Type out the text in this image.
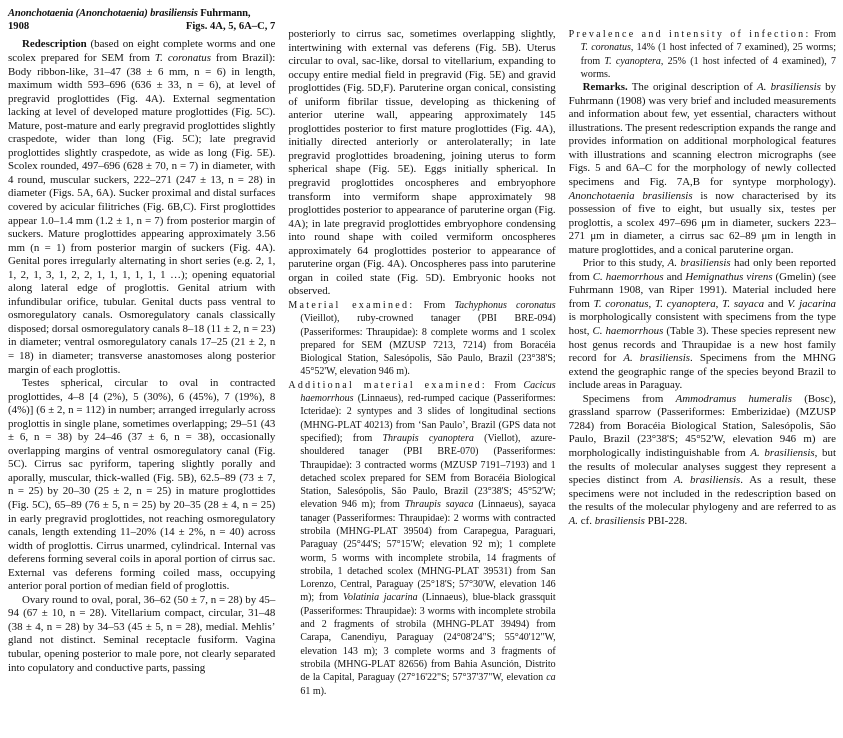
Anonchotaenia (Anonchotaenia) brasiliensis Fuhrmann,
1908	Figs. 4A, 5, 6A–C, 7

Redescription (based on eight complete worms and one scolex prepared for SEM from T. coronatus from Brazil): Body ribbon-like, 31–47 (38 ± 6 mm, n = 6) in length, maximum width 593–696 (636 ± 33, n = 6), at level of pregravid proglottides (Fig. 4A). External segmentation lacking at level of developed mature proglottides (Fig. 5C). Mature, post-mature and early pregravid proglottides slightly craspedote, wider than long (Fig. 5C); late pregravid proglottides slightly craspedote, as wide as long (Fig. 5E). Scolex rounded, 497–696 (628 ± 70, n = 7) in diameter, with 4 round, muscular suckers, 222–271 (247 ± 13, n = 28) in diameter (Figs. 5A, 6A). Sucker proximal and distal surfaces covered by acicular filitriches (Fig. 6B,C). First proglottides appear 1.0–1.4 mm (1.2 ± 1, n = 7) from posterior margin of suckers. Mature proglottides appearing approximately 3.56 mm (n = 1) from posterior margin of suckers (Fig. 4A). Genital pores irregularly alternating in short series (e.g. 2, 1, 1, 2, 1, 3, 1, 2, 2, 1, 1, 1, 1, 1, 1 …); opening equatorial along lateral edge of proglottis. Genital atrium with infundibular orifice, tubular. Genital ducts pass ventral to osmoregulatory canals. Osmoregulatory canals classically disposed; dorsal osmoregulatory canals 8–18 (11 ± 2, n = 23) in diameter; ventral osmoregulatory canals 17–25 (21 ± 2, n = 18) in diameter; transverse anastomoses along posterior margin of each proglottis.

Testes spherical, circular to oval in contracted proglottides, 4–8 [4 (2%), 5 (30%), 6 (45%), 7 (19%), 8 (4%)] (6 ± 2, n = 112) in number; arranged irregularly across proglottis in single plane, sometimes overlapping; 29–51 (43 ± 6, n = 38) by 24–46 (37 ± 6, n = 38), occasionally overlapping margins of ventral osmoregulatory canal (Fig. 5C). Cirrus sac pyriform, tapering slightly porally and aporally, muscular, thick-walled (Fig. 5B), 62.5–89 (73 ± 7, n = 25) by 20–30 (25 ± 2, n = 25) in mature proglottides (Fig. 5C), 65–89 (76 ± 5, n = 25) by 20–35 (28 ± 4, n = 25) in early pregravid proglottides, not reaching osmoregulatory canals, length extending 11–20% (14 ± 2%, n = 40) across width of proglottis. Cirrus unarmed, cylindrical. Internal vas deferens forming several coils in aporal portion of cirrus sac. External vas deferens forming coiled mass, occupying anterior poral portion of median field of proglottis.

Ovary round to oval, poral, 36–62 (50 ± 7, n = 28) by 45–94 (67 ± 10, n = 28). Vitellarium compact, circular, 31–48 (38 ± 4, n = 28) by 34–53 (45 ± 5, n = 28), medial. Mehlis’ gland not distinct. Seminal receptacle fusiform. Vagina tubular, opening posterior to male pore, not clearly separated into copulatory and conductive parts, passing

posteriorly to cirrus sac, sometimes overlapping slightly, intertwining with external vas deferens (Fig. 5B). Uterus circular to oval, sac-like, dorsal to vitellarium, expanding to occupy entire medial field in pregravid (Fig. 5E) and gravid proglottides (Fig. 5D,F). Paruterine organ conical, consisting of uniform fibrilar tissue, developing as thickening of anterior uterine wall, appearing approximately 145 proglottides posterior to first mature proglottides (Fig. 4A), initially directed anteriorly or anterolaterally; in late pregravid proglottides broadening, joining uterus to form spherical shape (Fig. 5E). Eggs initially spherical. In pregravid proglottides oncospheres and embryophore transform into vermiform shape approximately 98 proglottides posterior to appearance of paruterine organ (Fig. 4A); in late pregravid proglottides embryophore condensing into round shape with coiled vermiform oncospheres approximately 64 proglottides posterior to appearance of paruterine organ (Fig. 4A). Oncospheres pass into paruterine organ in coiled state (Fig. 5D). Embryonic hooks not observed.

Material examined: From Tachyphonus coronatus (Vieillot), ruby-crowned tanager (PBI BRE-094) (Passeriformes: Thraupidae): 8 complete worms and 1 scolex prepared for SEM (MZUSP 7213, 7214) from Boracéia Biological Station, Salesópolis, São Paulo, Brazil (23°38'S; 45°52'W, elevation 946 m).

Additional material examined: From Cacicus haemorrhous (Linnaeus), red-rumped cacique (Passeriformes: Icteridae): 2 syntypes and 3 slides of longitudinal sections (MHNG-PLAT 40213) from ‘San Paulo’, Brazil (GPS data not specified); from Thraupis cyanoptera (Viellot), azure-shouldered tanager (PBI BRE-070) (Passeriformes: Thraupidae): 3 contracted worms (MZUSP 7191–7193) and 1 detached scolex prepared for SEM from Boracéia Biological Station, Salesópolis, São Paulo, Brazil (23°38'S; 45°52'W; elevation 946 m); from Thraupis sayaca (Linnaeus), sayaca tanager (Passeriformes: Thraupidae): 2 worms with contracted strobila (MHNG-PLAT 39504) from Carapegua, Paraguari, Paraguay (25°44'S; 57°15'W; elevation 92 m); 1 complete worm, 5 worms with incomplete strobila, 14 fragments of strobila, 1 detached scolex (MHNG-PLAT 39531) from San Lorenzo, Central, Paraguay (25°18'S; 57°30'W, elevation 146 m); from Volatinia jacarina (Linnaeus), blue-black grassquit (Passeriformes: Thraupidae): 3 worms with incomplete strobila and 2 fragments of strobila (MHNG-PLAT 39494) from Carapa, Canendiyu, Paraguay (24°08'24"S; 55°40'12"W, elevation 143 m); 3 complete worms and 3 fragments of strobila (MHNG-PLAT 82656) from Bahia Asunción, Distrito de la Capital, Paraguay (27°16'22"S; 57°37'37"W, elevation ca 61 m).

Prevalence and intensity of infection: From T. coronatus, 14% (1 host infected of 7 examined), 25 worms; from T. cyanoptera, 25% (1 host infected of 4 examined), 7 worms.

Remarks. The original description of A. brasiliensis by Fuhrmann (1908) was very brief and included measurements and information about few, yet essential, characters without illustrations. The present redescription expands the range and provides information on additional morphological features with illustrations and scanning electron micrographs (see Figs. 5 and 6A–C for the morphology of newly collected specimens and Fig. 7A,B for syntype morphology). Anonchotaenia brasiliensis is now characterised by its possession of five to eight, but usually six, testes per proglottis, a scolex 497–696 μm in diameter, suckers 223–271 μm in diameter, a cirrus sac 62–89 μm in length in mature proglottides, and a conical paruterine organ.

Prior to this study, A. brasiliensis had only been reported from C. haemorrhous and Hemignathus virens (Gmelin) (see Fuhrmann 1908, van Riper 1991). Material included here from T. coronatus, T. cyanoptera, T. sayaca and V. jacarina is morphologically consistent with specimens from the type host, C. haemorrhous (Table 3). These species represent new host genus records and Thraupidae is a new host family record for A. brasiliensis. Specimens from the MHNG extend the geographic range of the species beyond Brazil to include areas in Paraguay.

Specimens from Ammodramus humeralis (Bosc), grassland sparrow (Passeriformes: Emberizidae) (MZUSP 7284) from Boracéia Biological Station, Salesópolis, São Paulo, Brazil (23°38'S; 45°52'W, elevation 946 m) are morphologically indistinguishable from A. brasiliensis, but the results of molecular analyses suggest they represent a species distinct from A. brasiliensis. As a result, these specimens were not included in the redescription based on the results of the molecular phylogeny and are referred to as A. cf. brasiliensis PBI-228.
